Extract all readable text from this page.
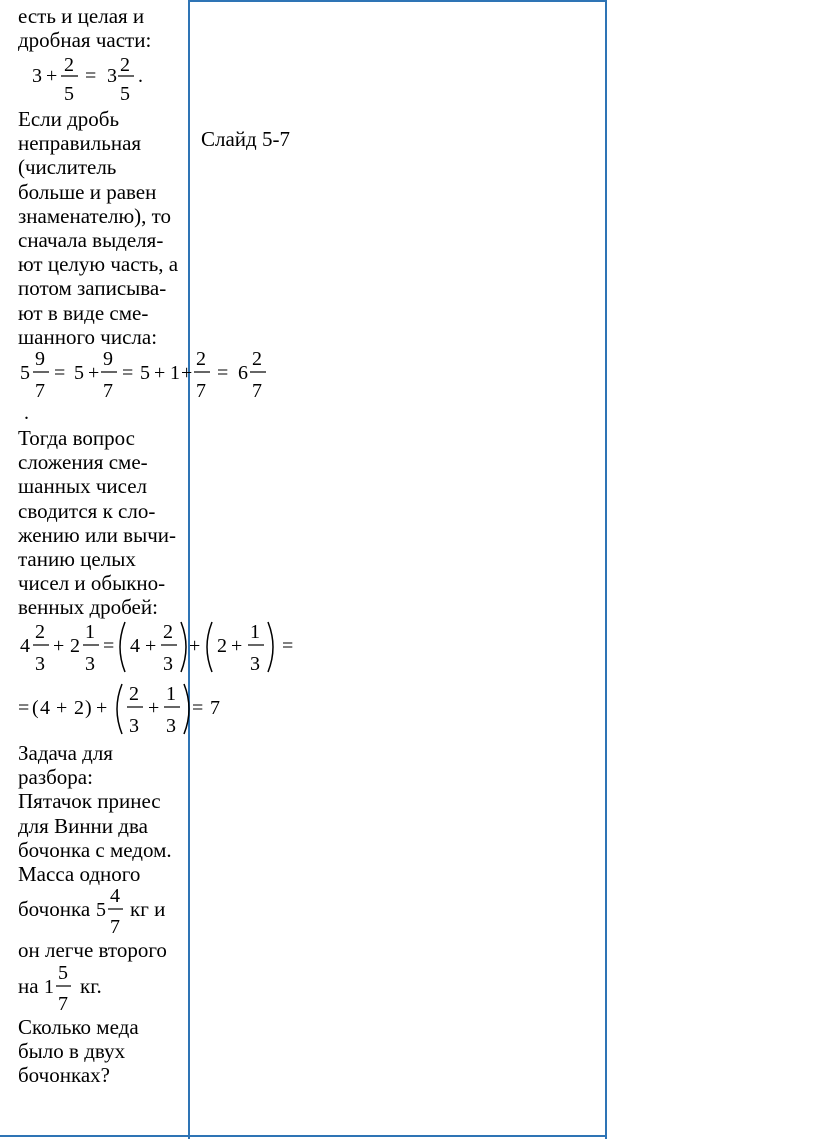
есть и целая и
дробная части:
3 + 2
5
= 3 2
5
.
Если дробь
неправильная
(числитель
больше и равен
знаменателю), то
сначала выделя-
ют целую часть, а
потом записыва-
ют в виде сме-
шанного числа:
5
9
7
= 5 +
9
7
= 5 + 1 +
2
7
= 6
2
7
.
Тогда вопрос
сложения сме-
шанных чисел
сводится к сло-
жению или вычи-
танию целых
чисел и обыкно-
венных дробей:
4
2
3
+ 2
1
3
= 4 +
2
3
+ 2 +
1
3
=
= ( 4 + 2 ) +
2
3
+
1
3
= 7
Задача для
разбора:
Пятачок принес
для Винни два
бочонка с медом.
Масса одного
бочонка 5
4
7
кг и
он легче второго
на 1
5
7
кг.
Сколько меда
было в двух
бочонках?
Слайд 5-7
